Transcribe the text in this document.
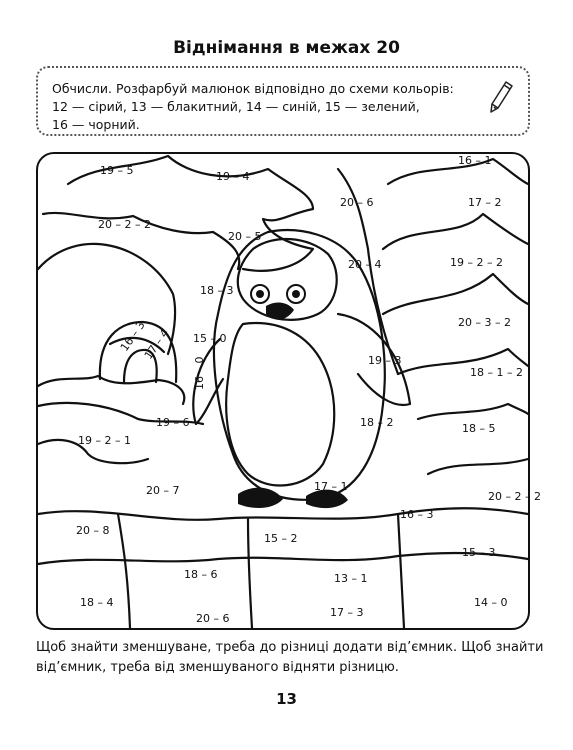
Віднімання в межах 20
Обчисли. Розфарбуй малюнок відповідно до схеми кольорів:
12 — сірий, 13 — блакитний, 14 — синій, 15 — зелений,
16 — чорний.
19 – 5	19 – 4
16 – 1
20 – 6	17 – 2
20 – 2 – 2
20 – 5
20 – 4	19 – 2 – 2
18 – 3
20 – 3 – 2
15 – 0
16 – 3
17 – 4	19 – 3
16 – 0	18 – 1 – 2
19 – 6	18 – 2	18 – 5
19 – 2 – 1
17 – 1
20 – 7	20 – 2 – 2
16 – 3
20 – 8
15 – 2
15 – 3
18 – 6	13 – 1
18 – 4
20 – 6	17 – 3
14 – 0
Щоб знайти зменшуване, треба до різниці додати від’ємник. Щоб знайти
від’ємник, треба від зменшуваного відняти різницю.
13
